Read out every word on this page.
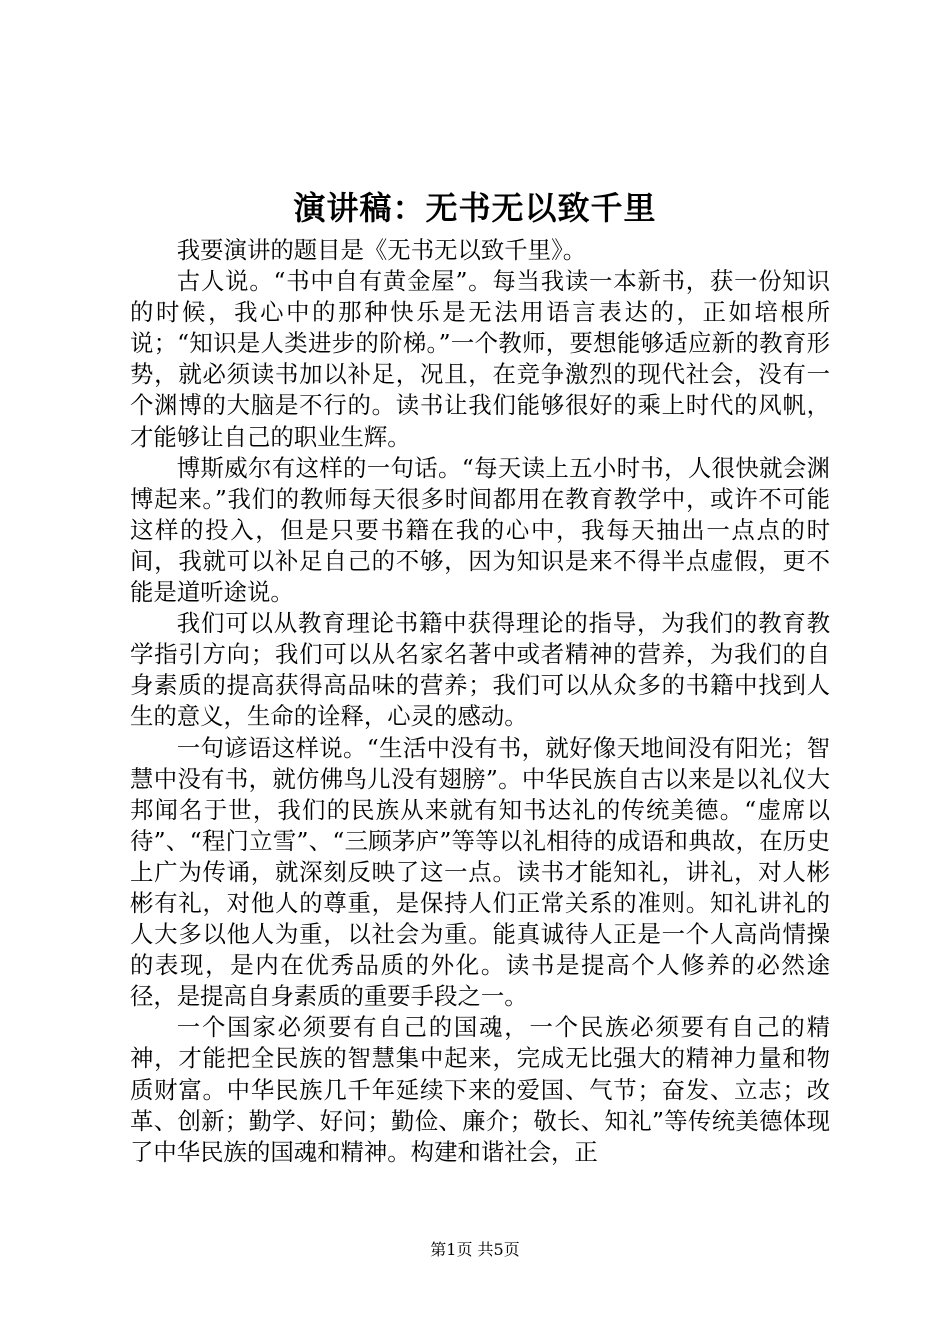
演讲稿：无书无以致千里

我要演讲的题目是《无书无以致千里》。

古人说。“书中自有黄金屋”。每当我读一本新书，获一份知识的时候，我心中的那种快乐是无法用语言表达的，正如培根所说；“知识是人类进步的阶梯。”一个教师，要想能够适应新的教育形势，就必须读书加以补足，况且，在竞争激烈的现代社会，没有一个渊博的大脑是不行的。读书让我们能够很好的乘上时代的风帆，才能够让自己的职业生辉。

博斯威尔有这样的一句话。“每天读上五小时书，人很快就会渊博起来。”我们的教师每天很多时间都用在教育教学中，或许不可能这样的投入，但是只要书籍在我的心中，我每天抽出一点点的时间，我就可以补足自己的不够，因为知识是来不得半点虚假，更不能是道听途说。

我们可以从教育理论书籍中获得理论的指导，为我们的教育教学指引方向；我们可以从名家名著中或者精神的营养，为我们的自身素质的提高获得高品味的营养；我们可以从众多的书籍中找到人生的意义，生命的诠释，心灵的感动。

一句谚语这样说。“生活中没有书，就好像天地间没有阳光；智慧中没有书，就仿佛鸟儿没有翅膀”。中华民族自古以来是以礼仪大邦闻名于世，我们的民族从来就有知书达礼的传统美德。“虚席以待”、“程门立雪”、“三顾茅庐”等等以礼相待的成语和典故，在历史上广为传诵，就深刻反映了这一点。读书才能知礼，讲礼，对人彬彬有礼，对他人的尊重，是保持人们正常关系的准则。知礼讲礼的人大多以他人为重，以社会为重。能真诚待人正是一个人高尚情操的表现，是内在优秀品质的外化。读书是提高个人修养的必然途径，是提高自身素质的重要手段之一。

一个国家必须要有自己的国魂，一个民族必须要有自己的精神，才能把全民族的智慧集中起来，完成无比强大的精神力量和物质财富。中华民族几千年延续下来的爱国、气节；奋发、立志；改革、创新；勤学、好问；勤俭、廉介；敬长、知礼”等传统美德体现了中华民族的国魂和精神。构建和谐社会，正

第1页 共5页
